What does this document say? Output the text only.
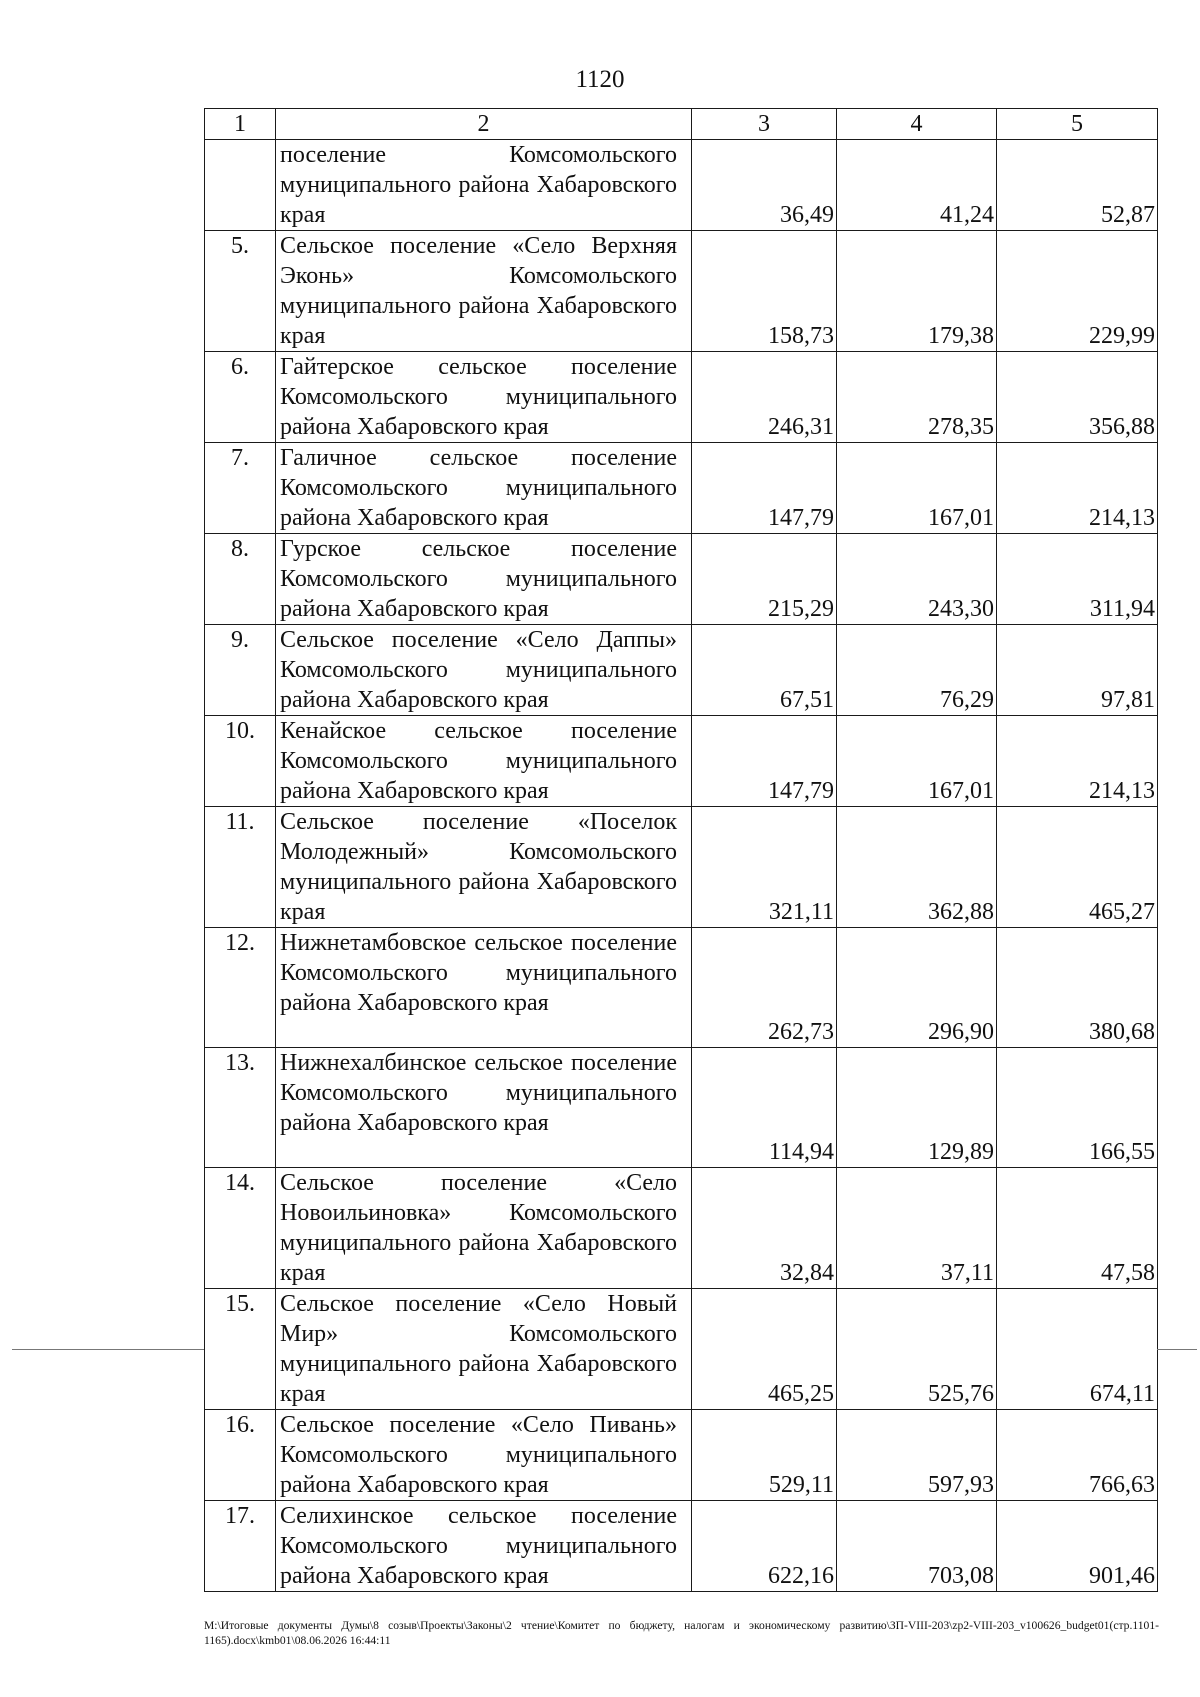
1120
1	2	3	4	5
	поселение Комсомольского муниципального района Хабаровского края	36,49	41,24	52,87
5.	Сельское поселение «Село Верхняя Эконь» Комсомольского муниципального района Хабаровского края	158,73	179,38	229,99
6.	Гайтерское сельское поселение Комсомольского муниципального района Хабаровского края	246,31	278,35	356,88
7.	Галичное сельское поселение Комсомольского муниципального района Хабаровского края	147,79	167,01	214,13
8.	Гурское сельское поселение Комсомольского муниципального района Хабаровского края	215,29	243,30	311,94
9.	Сельское поселение «Село Даппы» Комсомольского муниципального района Хабаровского края	67,51	76,29	97,81
10.	Кенайское сельское поселение Комсомольского муниципального района Хабаровского края	147,79	167,01	214,13
11.	Сельское поселение «Поселок Молодежный» Комсомольского муниципального района Хабаровского края	321,11	362,88	465,27
12.	Нижнетамбовское сельское поселение Комсомольского муниципального района Хабаровского края	262,73	296,90	380,68
13.	Нижнехалбинское сельское поселение Комсомольского муниципального района Хабаровского края	114,94	129,89	166,55
14.	Сельское поселение «Село Новоильиновка» Комсомольского муниципального района Хабаровского края	32,84	37,11	47,58
15.	Сельское поселение «Село Новый Мир» Комсомольского муниципального района Хабаровского края	465,25	525,76	674,11
16.	Сельское поселение «Село Пивань» Комсомольского муниципального района Хабаровского края	529,11	597,93	766,63
17.	Селихинское сельское поселение Комсомольского муниципального района Хабаровского края	622,16	703,08	901,46
M:\Итоговые документы Думы\8 созыв\Проекты\Законы\2 чтение\Комитет по бюджету, налогам и экономическому развитию\ЗП-VIII-203\zp2-VIII-203_v100626_budget01(стр.1101-1165).docx\kmb01\08.06.2026 16:44:11
